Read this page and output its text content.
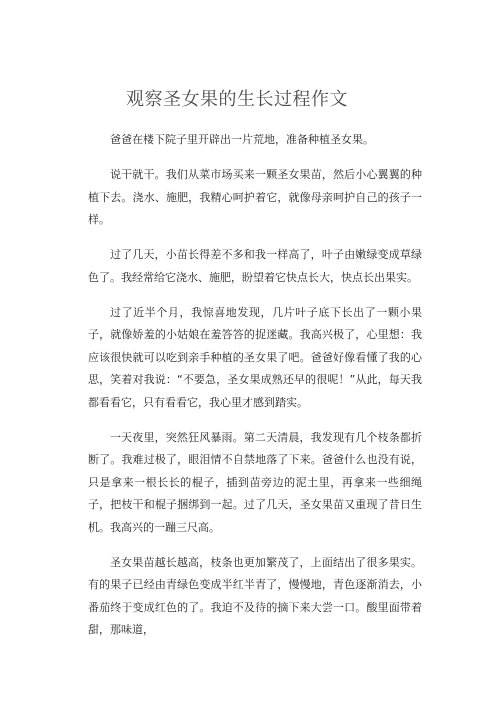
观察圣女果的生长过程作文

爸爸在楼下院子里开辟出一片荒地，准备种植圣女果。

说干就干。我们从菜市场买来一颗圣女果苗，然后小心翼翼的种植下去。浇水、施肥，我精心呵护着它，就像母亲呵护自己的孩子一样。

过了几天，小苗长得差不多和我一样高了，叶子由嫩绿变成草绿色了。我经常给它浇水、施肥，盼望着它快点长大，快点长出果实。

过了近半个月，我惊喜地发现，几片叶子底下长出了一颗小果子，就像娇羞的小姑娘在羞答答的捉迷藏。我高兴极了，心里想：我应该很快就可以吃到亲手种植的圣女果了吧。爸爸好像看懂了我的心思，笑着对我说：“不要急，圣女果成熟还早的很呢！”从此，每天我都看看它，只有看看它，我心里才感到踏实。

一天夜里，突然狂风暴雨。第二天清晨，我发现有几个枝条都折断了。我难过极了，眼泪情不自禁地落了下来。爸爸什么也没有说，只是拿来一根长长的棍子，插到苗旁边的泥土里，再拿来一些细绳子，把枝干和棍子捆绑到一起。过了几天，圣女果苗又重现了昔日生机。我高兴的一蹦三尺高。

圣女果苗越长越高，枝条也更加繁茂了，上面结出了很多果实。有的果子已经由青绿色变成半红半青了，慢慢地，青色逐渐消去，小番茄终于变成红色的了。我迫不及待的摘下来大尝一口。酸里面带着甜，那味道，
